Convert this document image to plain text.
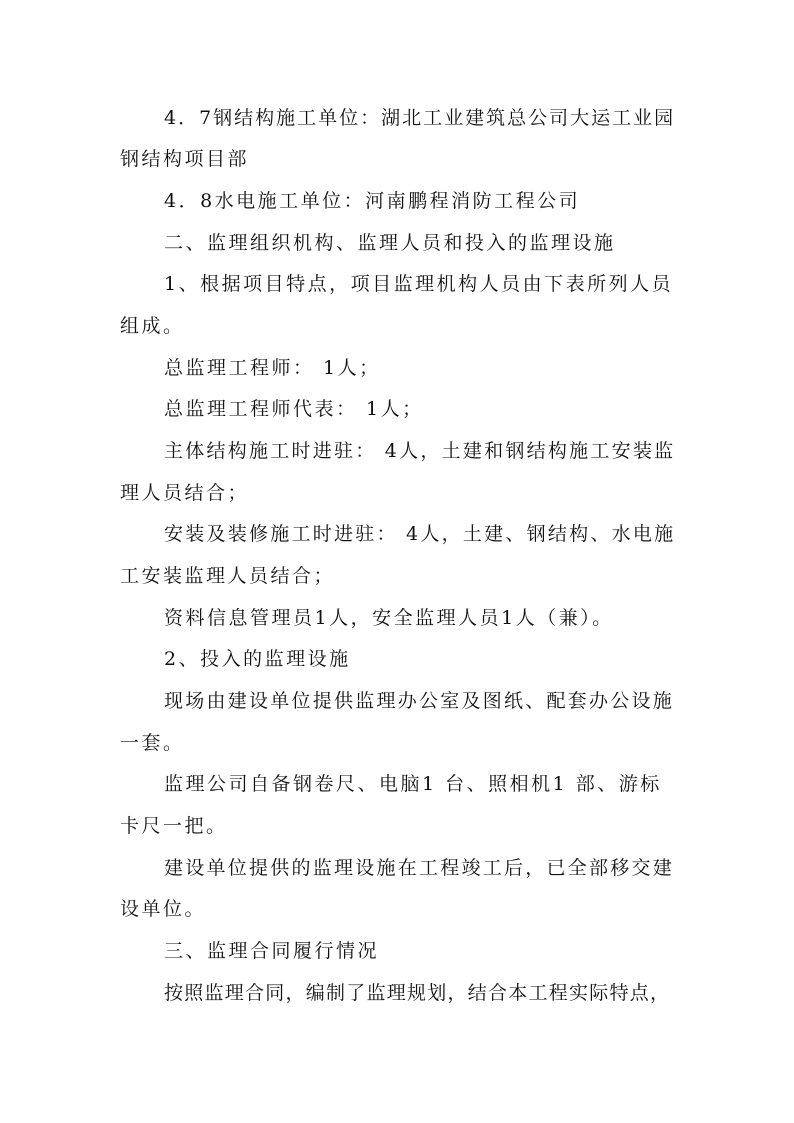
4．7钢结构施工单位：湖北工业建筑总公司大运工业园
钢结构项目部
4．8水电施工单位：河南鹏程消防工程公司
二、监理组织机构、监理人员和投入的监理设施
1、根据项目特点，项目监理机构人员由下表所列人员
组成。
总监理工程师： 1人；
总监理工程师代表： 1人；
主体结构施工时进驻： 4人，土建和钢结构施工安装监
理人员结合；
安装及装修施工时进驻： 4人，土建、钢结构、水电施
工安装监理人员结合；
资料信息管理员1人，安全监理人员1人（兼）。
2、投入的监理设施
现场由建设单位提供监理办公室及图纸、配套办公设施
一套。
监理公司自备钢卷尺、电脑1 台、照相机1 部、游标
卡尺一把。
建设单位提供的监理设施在工程竣工后，已全部移交建
设单位。
三、监理合同履行情况
按照监理合同，编制了监理规划，结合本工程实际特点，
